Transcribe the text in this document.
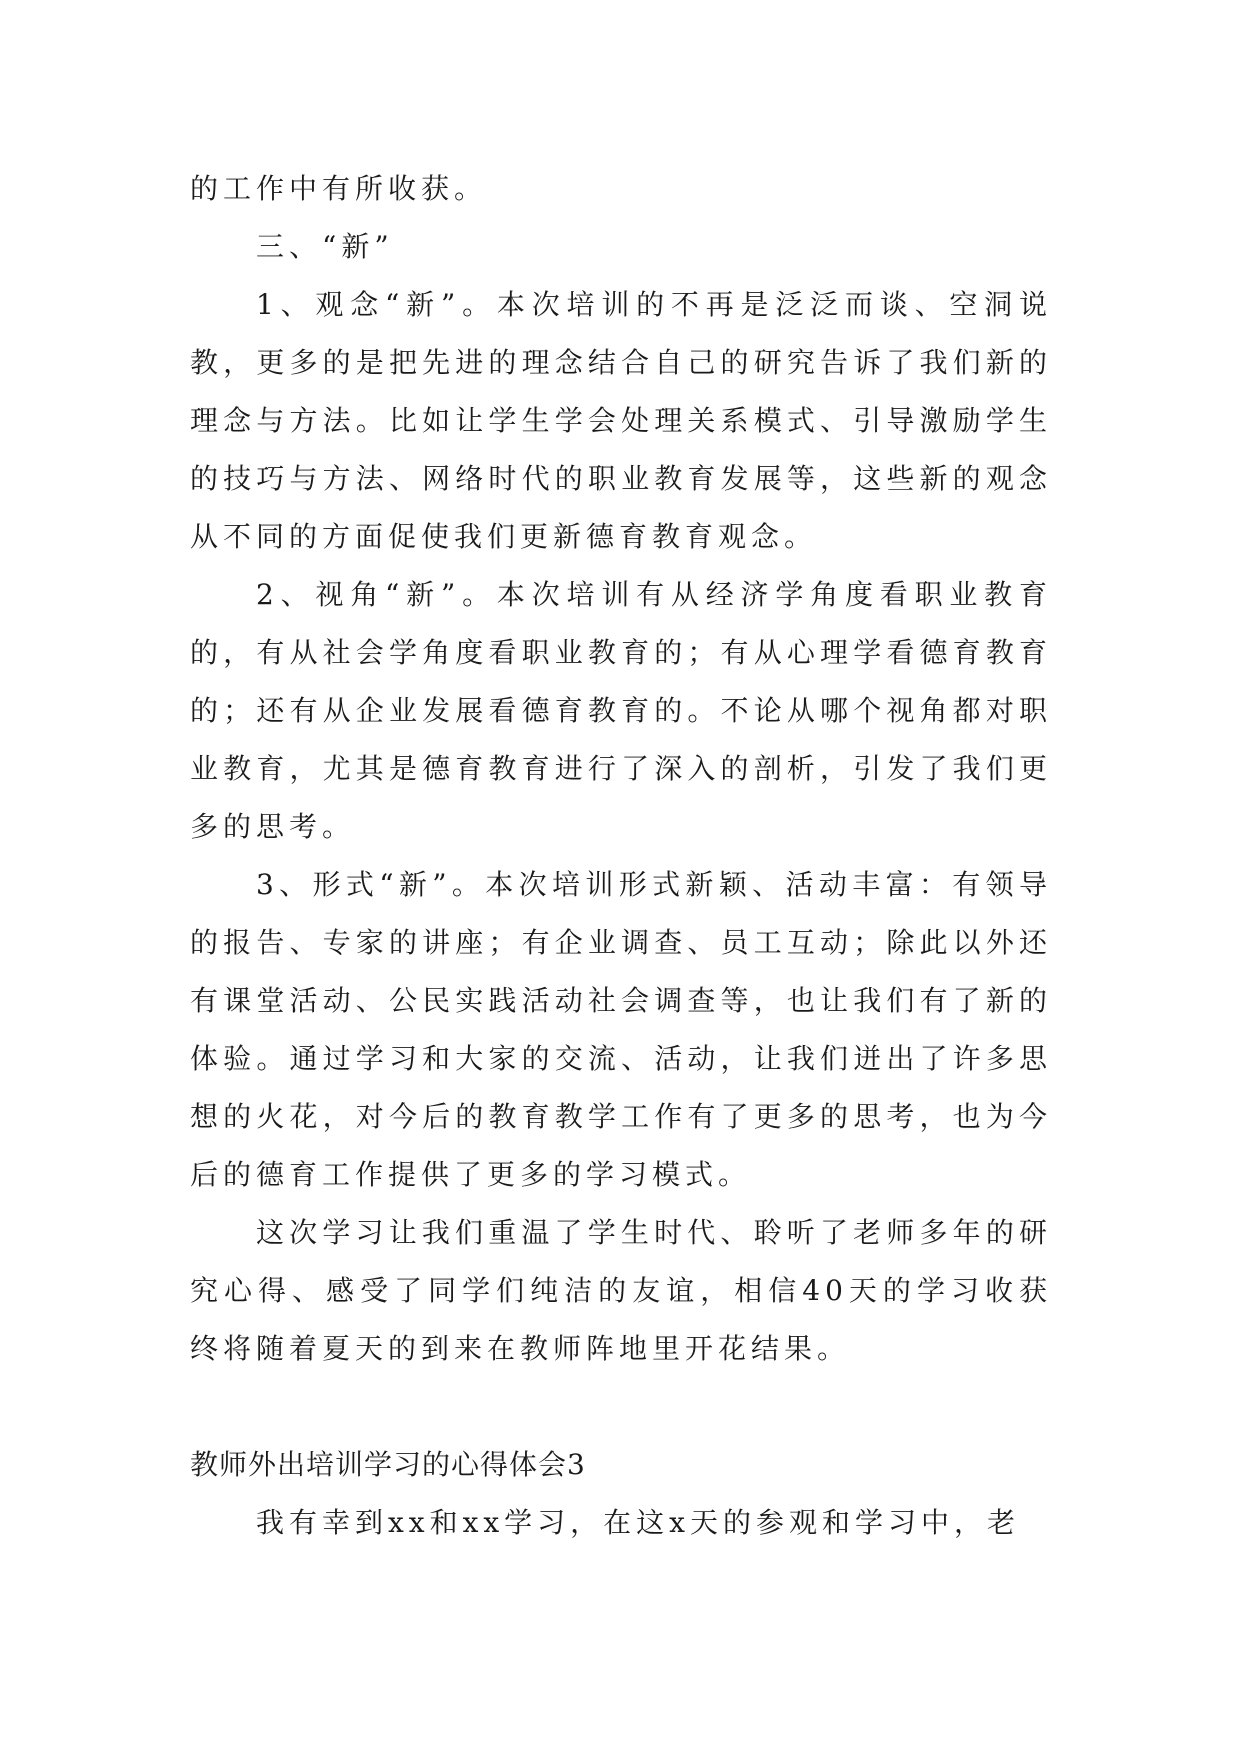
的工作中有所收获。

三、“新”

1、观念“新”。本次培训的不再是泛泛而谈、空洞说教，更多的是把先进的理念结合自己的研究告诉了我们新的理念与方法。比如让学生学会处理关系模式、引导激励学生的技巧与方法、网络时代的职业教育发展等，这些新的观念从不同的方面促使我们更新德育教育观念。

2、视角“新”。本次培训有从经济学角度看职业教育的，有从社会学角度看职业教育的；有从心理学看德育教育的；还有从企业发展看德育教育的。不论从哪个视角都对职业教育，尤其是德育教育进行了深入的剖析，引发了我们更多的思考。

3、形式“新”。本次培训形式新颖、活动丰富：有领导的报告、专家的讲座；有企业调查、员工互动；除此以外还有课堂活动、公民实践活动社会调查等，也让我们有了新的体验。通过学习和大家的交流、活动，让我们迸出了许多思想的火花，对今后的教育教学工作有了更多的思考，也为今后的德育工作提供了更多的学习模式。

这次学习让我们重温了学生时代、聆听了老师多年的研究心得、感受了同学们纯洁的友谊，相信40天的学习收获终将随着夏天的到来在教师阵地里开花结果。

教师外出培训学习的心得体会3

我有幸到xx和xx学习，在这x天的参观和学习中，老
